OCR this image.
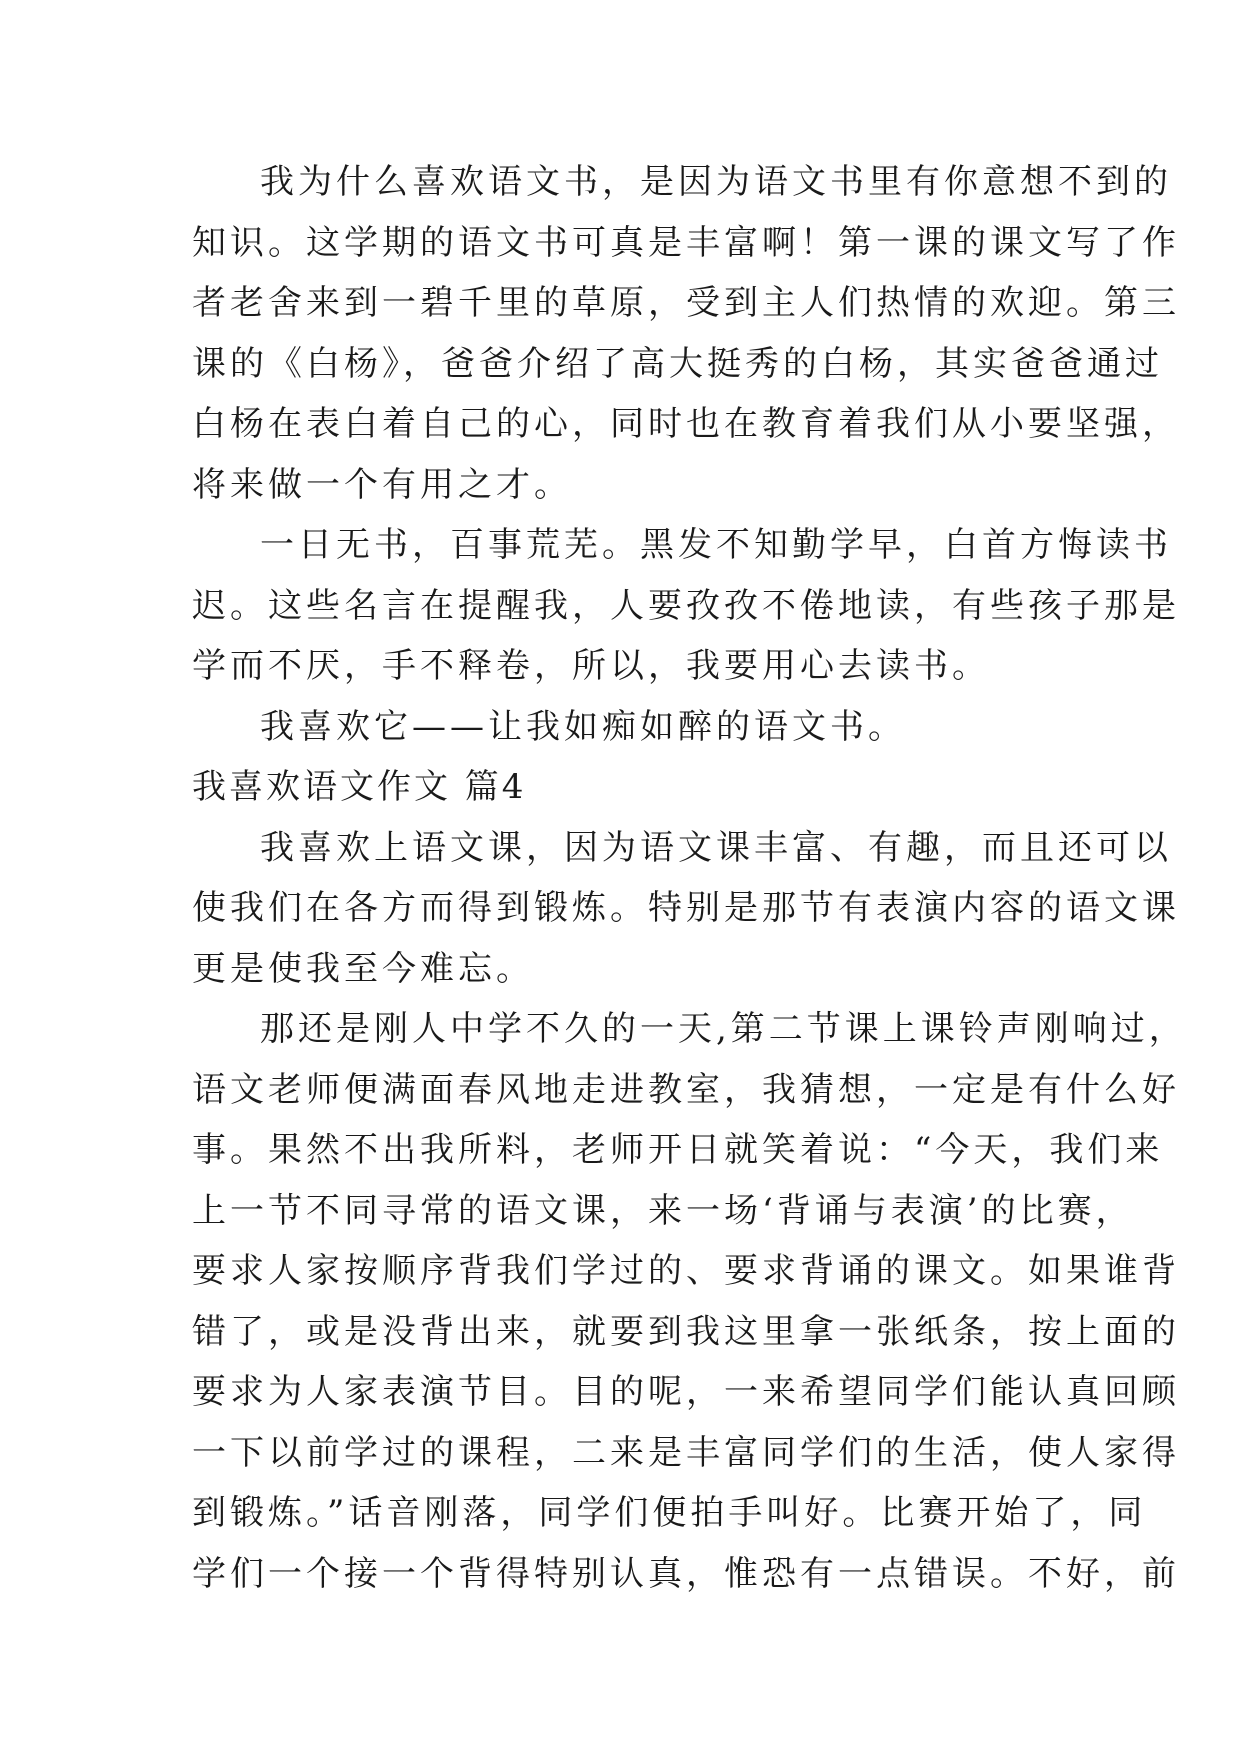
我为什么喜欢语文书，是因为语文书里有你意想不到的
知识。这学期的语文书可真是丰富啊！第一课的课文写了作
者老舍来到一碧千里的草原，受到主人们热情的欢迎。第三
课的《白杨》，爸爸介绍了高大挺秀的白杨，其实爸爸通过
白杨在表白着自己的心，同时也在教育着我们从小要坚强，
将来做一个有用之才。
一日无书，百事荒芜。黑发不知勤学早，白首方悔读书
迟。这些名言在提醒我，人要孜孜不倦地读，有些孩子那是
学而不厌，手不释卷，所以，我要用心去读书。
我喜欢它——让我如痴如醉的语文书。
我喜欢语文作文 篇4
我喜欢上语文课，因为语文课丰富、有趣，而且还可以
使我们在各方而得到锻炼。特别是那节有表演内容的语文课
更是使我至今难忘。
那还是刚人中学不久的一天,第二节课上课铃声刚响过，
语文老师便满面春风地走进教室，我猜想，一定是有什么好
事。果然不出我所料，老师开日就笑着说：“今天，我们来
上一节不同寻常的语文课，来一场‘背诵与表演’的比赛，
要求人家按顺序背我们学过的、要求背诵的课文。如果谁背
错了，或是没背出来，就要到我这里拿一张纸条，按上面的
要求为人家表演节目。目的呢，一来希望同学们能认真回顾
一下以前学过的课程，二来是丰富同学们的生活，使人家得
到锻炼。”话音刚落，同学们便拍手叫好。比赛开始了，同
学们一个接一个背得特别认真，惟恐有一点错误。不好，前
